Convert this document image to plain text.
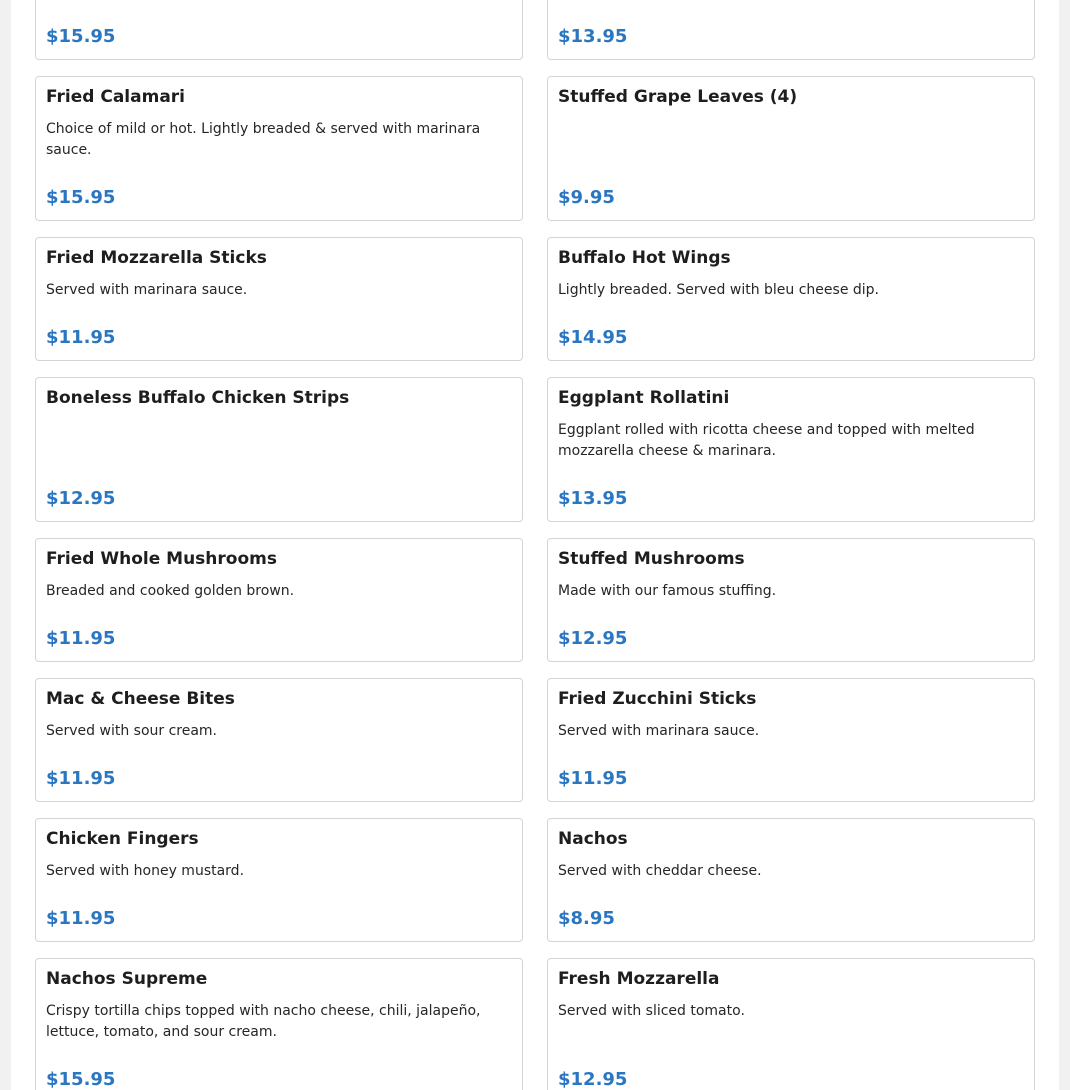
$15.95	$13.95
Fried Calamari

Choice of mild or hot. Lightly breaded & served with marinara sauce.

$15.95
Stuffed Grape Leaves (4)

$9.95
Fried Mozzarella Sticks

Served with marinara sauce.

$11.95
Buffalo Hot Wings

Lightly breaded. Served with bleu cheese dip.

$14.95
Boneless Buffalo Chicken Strips

$12.95
Eggplant Rollatini

Eggplant rolled with ricotta cheese and topped with melted mozzarella cheese & marinara.

$13.95
Fried Whole Mushrooms

Breaded and cooked golden brown.

$11.95
Stuffed Mushrooms

Made with our famous stuffing.

$12.95
Mac & Cheese Bites

Served with sour cream.

$11.95
Fried Zucchini Sticks

Served with marinara sauce.

$11.95
Chicken Fingers

Served with honey mustard.

$11.95
Nachos

Served with cheddar cheese.

$8.95
Nachos Supreme

Crispy tortilla chips topped with nacho cheese, chili, jalapeño, lettuce, tomato, and sour cream.

$15.95
Fresh Mozzarella

Served with sliced tomato.

$12.95
